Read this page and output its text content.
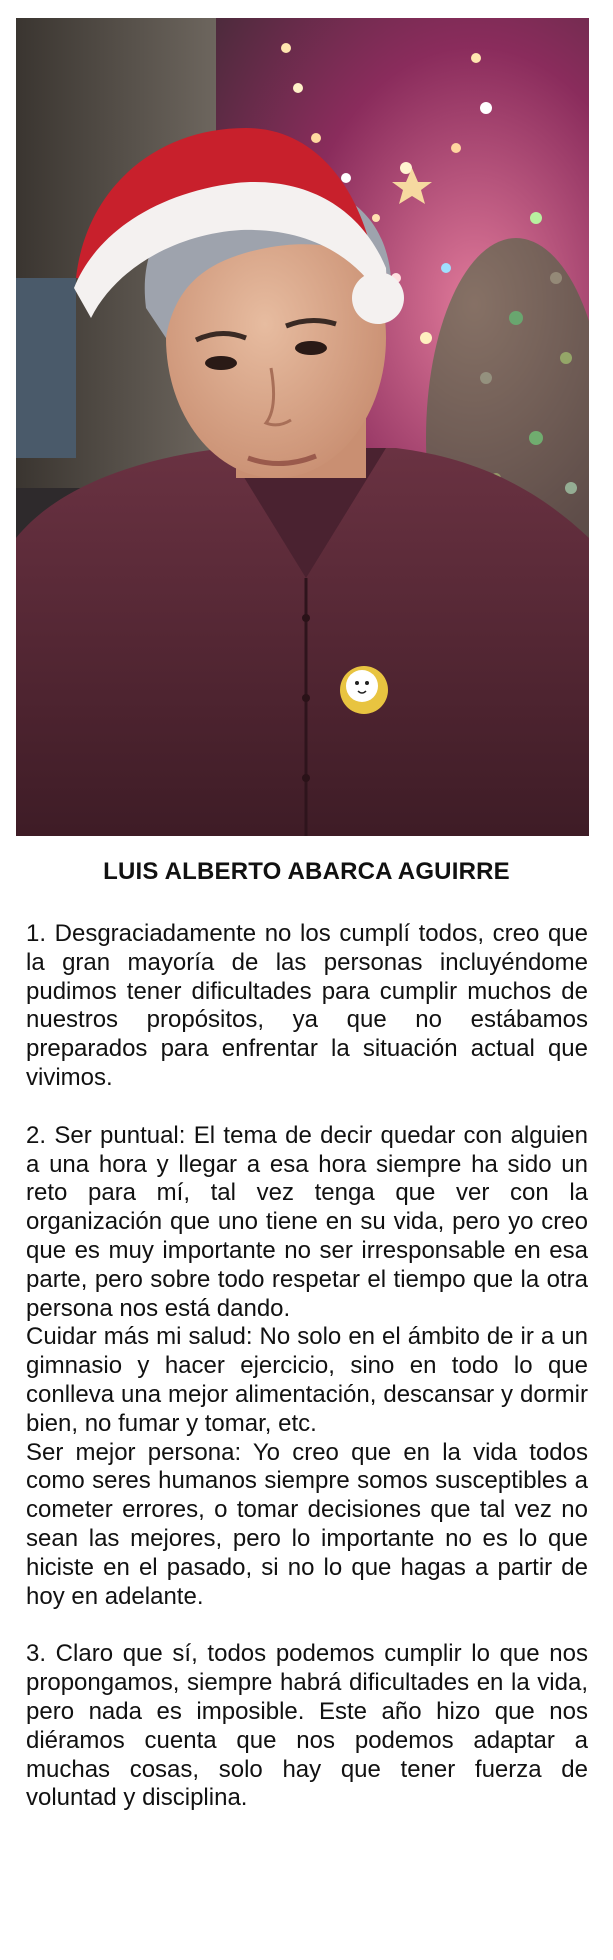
LUIS ALBERTO ABARCA AGUIRRE

1. Desgraciadamente no los cumplí todos, creo que la gran mayoría de las personas incluyéndome pudimos tener dificultades para cumplir muchos de nuestros propósitos, ya que no estábamos preparados para enfrentar la situación actual que vivimos.

2. Ser puntual: El tema de decir quedar con alguien a una hora y llegar a esa hora siempre ha sido un reto para mí, tal vez tenga que ver con la organización que uno tiene en su vida, pero yo creo que es muy importante no ser irresponsable en esa parte, pero sobre todo respetar el tiempo que la otra persona nos está dando.

Cuidar más mi salud: No solo en el ámbito de ir a un gimnasio y hacer ejercicio, sino en todo lo que conlleva una mejor alimentación, descansar y dormir bien, no fumar y tomar, etc.

Ser mejor persona: Yo creo que en la vida todos como seres humanos siempre somos susceptibles a cometer errores, o tomar decisiones que tal vez no sean las mejores, pero lo importante no es lo que hiciste en el pasado, si no lo que hagas a partir de hoy en adelante.

3. Claro que sí, todos podemos cumplir lo que nos propongamos, siempre habrá dificultades en la vida, pero nada es imposible. Este año hizo que nos diéramos cuenta que nos podemos adaptar a muchas cosas, solo hay que tener fuerza de voluntad y disciplina.
